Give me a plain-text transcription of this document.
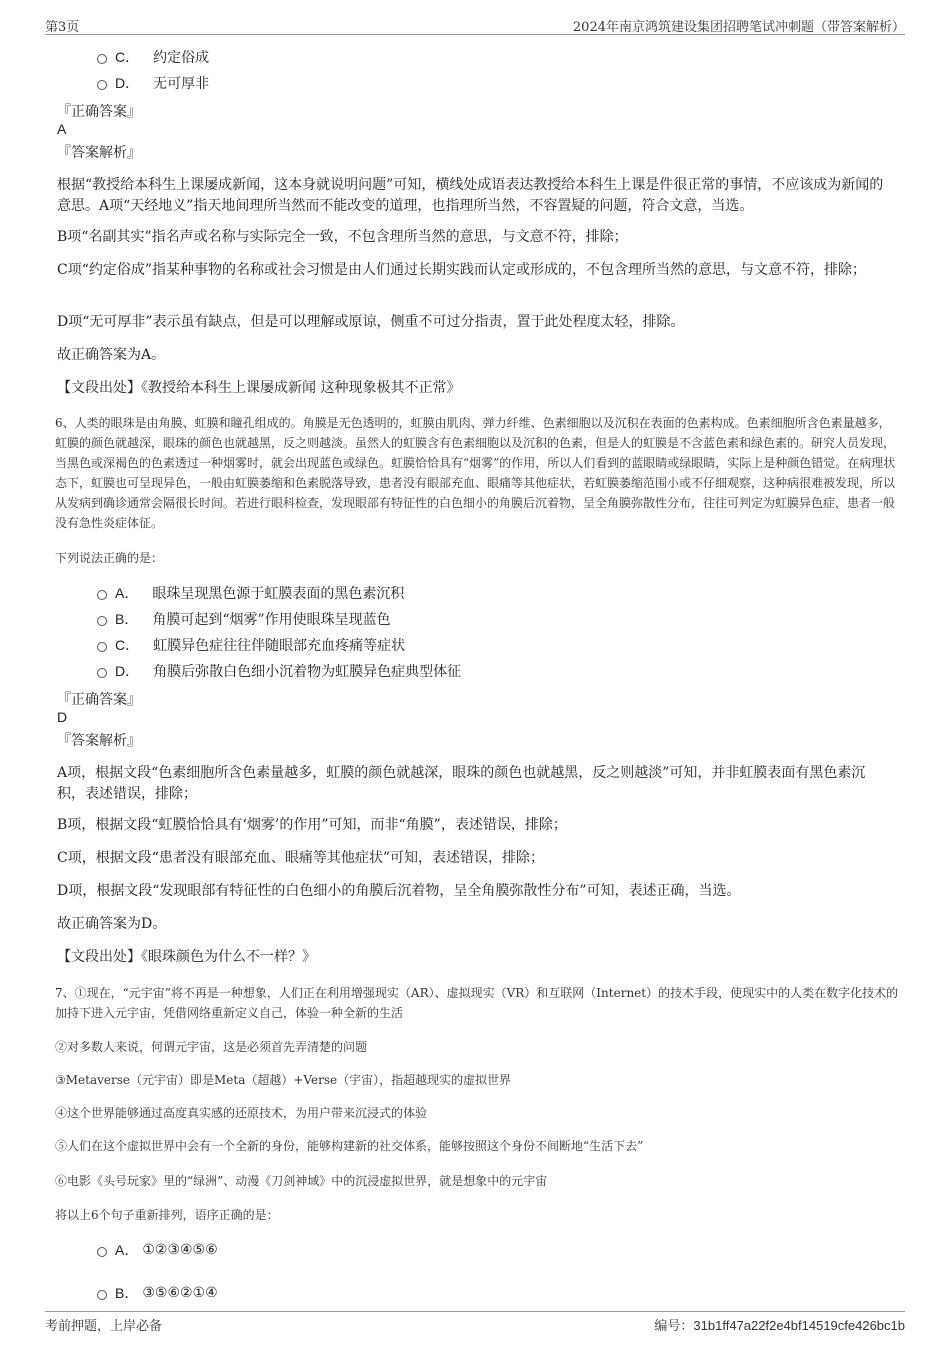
第3页	2024年南京鸿筑建设集团招聘笔试冲刺题（带答案解析）
C． 约定俗成
D． 无可厚非
『正确答案』
A
『答案解析』
根据“教授给本科生上课屡成新闻，这本身就说明问题”可知，横线处成语表达教授给本科生上课是件很正常的事情，不应该成为新闻的意思。A项“天经地义”指天地间理所当然而不能改变的道理，也指理所当然，不容置疑的问题，符合文意，当选。
B项“名副其实”指名声或名称与实际完全一致，不包含理所当然的意思，与文意不符，排除；
C项“约定俗成”指某种事物的名称或社会习惯是由人们通过长期实践而认定或形成的，不包含理所当然的意思，与文意不符，排除；
D项“无可厚非”表示虽有缺点，但是可以理解或原谅，侧重不可过分指责，置于此处程度太轻，排除。
故正确答案为A。
【文段出处】《教授给本科生上课屡成新闻 这种现象极其不正常》
6、人类的眼珠是由角膜、虹膜和瞳孔组成的。角膜是无色透明的，虹膜由肌肉、弹力纤维、色素细胞以及沉积在表面的色素构成。色素细胞所含色素量越多，虹膜的颜色就越深，眼珠的颜色也就越黑，反之则越淡。虽然人的虹膜含有色素细胞以及沉积的色素，但是人的虹膜是不含蓝色素和绿色素的。研究人员发现，当黑色或深褐色的色素透过一种烟雾时，就会出现蓝色或绿色。虹膜恰恰具有“烟雾”的作用，所以人们看到的蓝眼睛或绿眼睛，实际上是种颜色错觉。在病理状态下，虹膜也可呈现异色，一般由虹膜萎缩和色素脱落导致，患者没有眼部充血、眼痛等其他症状，若虹膜萎缩范围小或不仔细观察，这种病很难被发现，所以从发病到确诊通常会隔很长时间。若进行眼科检查，发现眼部有特征性的白色细小的角膜后沉着物，呈全角膜弥散性分布，往往可判定为虹膜异色症，患者一般没有急性炎症体征。
下列说法正确的是：
A． 眼珠呈现黑色源于虹膜表面的黑色素沉积
B． 角膜可起到“烟雾”作用使眼珠呈现蓝色
C． 虹膜异色症往往伴随眼部充血疼痛等症状
D． 角膜后弥散白色细小沉着物为虹膜异色症典型体征
『正确答案』
D
『答案解析』
A项，根据文段“色素细胞所含色素量越多，虹膜的颜色就越深，眼珠的颜色也就越黑，反之则越淡”可知，并非虹膜表面有黑色素沉积，表述错误，排除；
B项，根据文段“虹膜恰恰具有‘烟雾’的作用”可知，而非“角膜”，表述错误，排除；
C项，根据文段“患者没有眼部充血、眼痛等其他症状”可知，表述错误，排除；
D项，根据文段“发现眼部有特征性的白色细小的角膜后沉着物，呈全角膜弥散性分布”可知，表述正确，当选。
故正确答案为D。
【文段出处】《眼珠颜色为什么不一样？》
7、①现在，“元宇宙”将不再是一种想象，人们正在利用增强现实（AR）、虚拟现实（VR）和互联网（Internet）的技术手段，使现实中的人类在数字化技术的加持下进入元宇宙，凭借网络重新定义自己，体验一种全新的生活
②对多数人来说，何谓元宇宙，这是必须首先弄清楚的问题
③Metaverse（元宇宙）即是Meta（超越）+Verse（宇宙），指超越现实的虚拟世界
④这个世界能够通过高度真实感的还原技术，为用户带来沉浸式的体验
⑤人们在这个虚拟世界中会有一个全新的身份，能够构建新的社交体系，能够按照这个身份不间断地“生活下去”
⑥电影《头号玩家》里的“绿洲”、动漫《刀剑神域》中的沉浸虚拟世界，就是想象中的元宇宙
将以上6个句子重新排列，语序正确的是：
A． ①②③④⑤⑥
B． ③⑤⑥②①④
考前押题，上岸必备	编号：31b1ff47a22f2e4bf14519cfe426bc1b
